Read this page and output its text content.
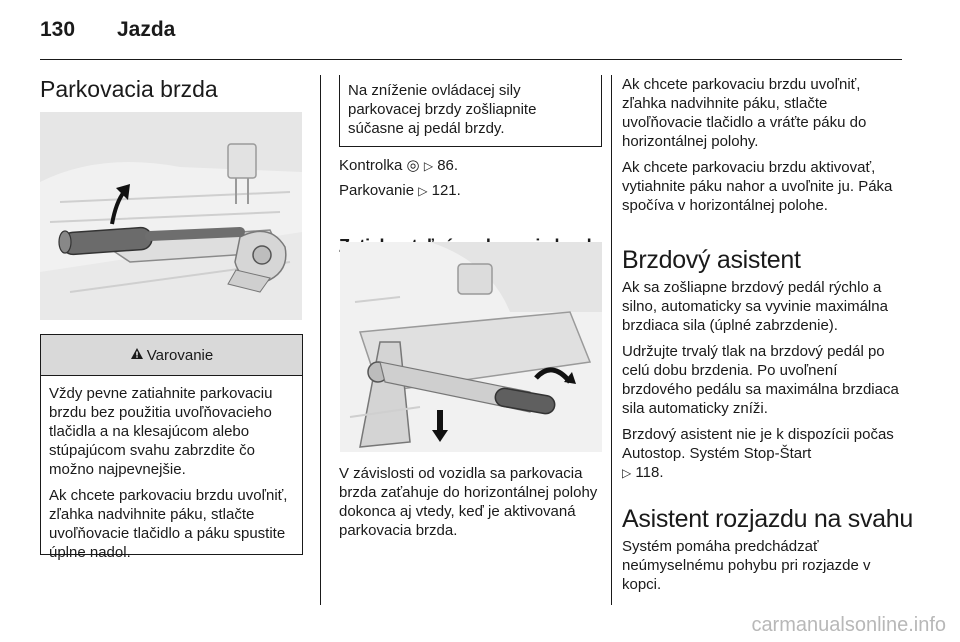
130 Jazda
Parkovacia brzda
Varovanie

Vždy pevne zatiahnite parkovaciu brzdu bez použitia uvoľňovacieho tlačidla a na klesajúcom alebo stúpajúcom svahu zabrzdite čo možno najpevnejšie.

Ak chcete parkovaciu brzdu uvoľniť, zľahka nadvihnite páku, stlačte uvoľňovacie tlačidlo a páku spustite úplne nadol.

Na zníženie ovládacej sily parkovacej brzdy zošliapnite súčasne aj pedál brzdy.
Kontrolka ◎ ▷ 86.
Parkovanie ▷ 121.
V závislosti od vozidla sa parkovacia brzda zaťahuje do horizontálnej polohy dokonca aj vtedy, keď je aktivovaná parkovacia brzda.

Ak chcete parkovaciu brzdu uvoľniť, zľahka nadvihnite páku, stlačte uvoľňovacie tlačidlo a vráťte páku do horizontálnej polohy.

Ak chcete parkovaciu brzdu aktivovať, vytiahnite páku nahor a uvoľnite ju. Páka spočíva v horizontálnej polohe.

Brzdový asistent

Ak sa zošliapne brzdový pedál rýchlo a silno, automaticky sa vyvinie maximálna brzdiaca sila (úplné zabrzdenie).

Udržujte trvalý tlak na brzdový pedál po celú dobu brzdenia. Po uvoľnení brzdového pedálu sa maximálna brzdiaca sila automaticky zníži.

Brzdový asistent nie je k dispozícii počas Autostop. Systém Stop-Štart
▷ 118.

Asistent rozjazdu na svahu
Systém pomáha predchádzať neúmyselnému pohybu pri rozjazde v kopci.
carmanualsonline.info
